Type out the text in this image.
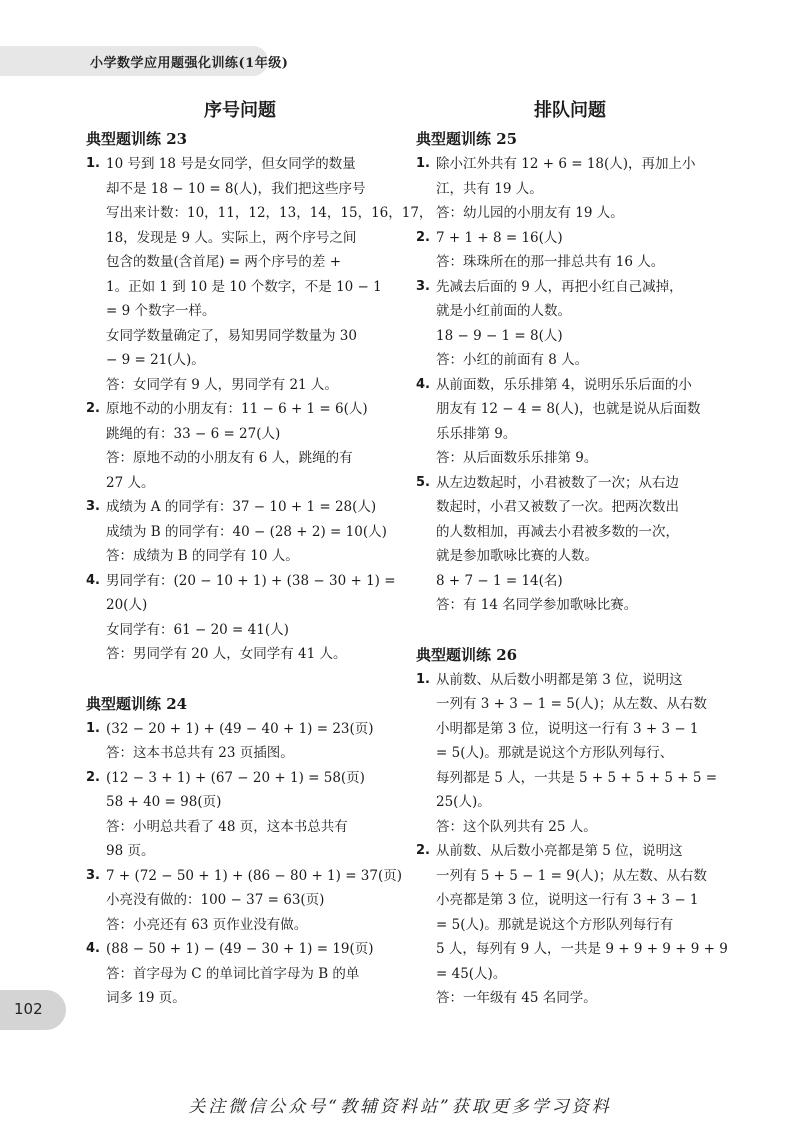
小学数学应用题强化训练(1年级)
序号问题
典型题训练 23
1. 10 号到 18 号是女同学，但女同学的数量
却不是 18 − 10 = 8(人)，我们把这些序号
写出来计数：10，11，12，13，14，15，16，17，
18，发现是 9 人。实际上，两个序号之间
包含的数量(含首尾) = 两个序号的差 +
1。正如 1 到 10 是 10 个数字，不是 10 − 1
= 9 个数字一样。
女同学数量确定了，易知男同学数量为 30
− 9 = 21(人)。
答：女同学有 9 人，男同学有 21 人。
2. 原地不动的小朋友有：11 − 6 + 1 = 6(人)
跳绳的有：33 − 6 = 27(人)
答：原地不动的小朋友有 6 人，跳绳的有
27 人。
3. 成绩为 A 的同学有：37 − 10 + 1 = 28(人)
成绩为 B 的同学有：40 − (28 + 2) = 10(人)
答：成绩为 B 的同学有 10 人。
4. 男同学有：(20 − 10 + 1) + (38 − 30 + 1) =
20(人)
女同学有：61 − 20 = 41(人)
答：男同学有 20 人，女同学有 41 人。
典型题训练 24
1. (32 − 20 + 1) + (49 − 40 + 1) = 23(页)
答：这本书总共有 23 页插图。
2. (12 − 3 + 1) + (67 − 20 + 1) = 58(页)
58 + 40 = 98(页)
答：小明总共看了 48 页，这本书总共有
98 页。
3. 7 + (72 − 50 + 1) + (86 − 80 + 1) = 37(页)
小亮没有做的：100 − 37 = 63(页)
答：小亮还有 63 页作业没有做。
4. (88 − 50 + 1) − (49 − 30 + 1) = 19(页)
答：首字母为 C 的单词比首字母为 B 的单
词多 19 页。
排队问题
典型题训练 25
1. 除小江外共有 12 + 6 = 18(人)，再加上小
江，共有 19 人。
答：幼儿园的小朋友有 19 人。
2. 7 + 1 + 8 = 16(人)
答：珠珠所在的那一排总共有 16 人。
3. 先减去后面的 9 人，再把小红自己减掉，
就是小红前面的人数。
18 − 9 − 1 = 8(人)
答：小红的前面有 8 人。
4. 从前面数，乐乐排第 4，说明乐乐后面的小
朋友有 12 − 4 = 8(人)，也就是说从后面数
乐乐排第 9。
答：从后面数乐乐排第 9。
5. 从左边数起时，小君被数了一次；从右边
数起时，小君又被数了一次。把两次数出
的人数相加，再减去小君被多数的一次，
就是参加歌咏比赛的人数。
8 + 7 − 1 = 14(名)
答：有 14 名同学参加歌咏比赛。
典型题训练 26
1. 从前数、从后数小明都是第 3 位，说明这
一列有 3 + 3 − 1 = 5(人)；从左数、从右数
小明都是第 3 位，说明这一行有 3 + 3 − 1
= 5(人)。那就是说这个方形队列每行、
每列都是 5 人，一共是 5 + 5 + 5 + 5 + 5 =
25(人)。
答：这个队列共有 25 人。
2. 从前数、从后数小亮都是第 5 位，说明这
一列有 5 + 5 − 1 = 9(人)；从左数、从右数
小亮都是第 3 位，说明这一行有 3 + 3 − 1
= 5(人)。那就是说这个方形队列每行有
5 人，每列有 9 人，一共是 9 + 9 + 9 + 9 + 9
= 45(人)。
答：一年级有 45 名同学。
102
关注微信公众号“教辅资料站”获取更多学习资料
